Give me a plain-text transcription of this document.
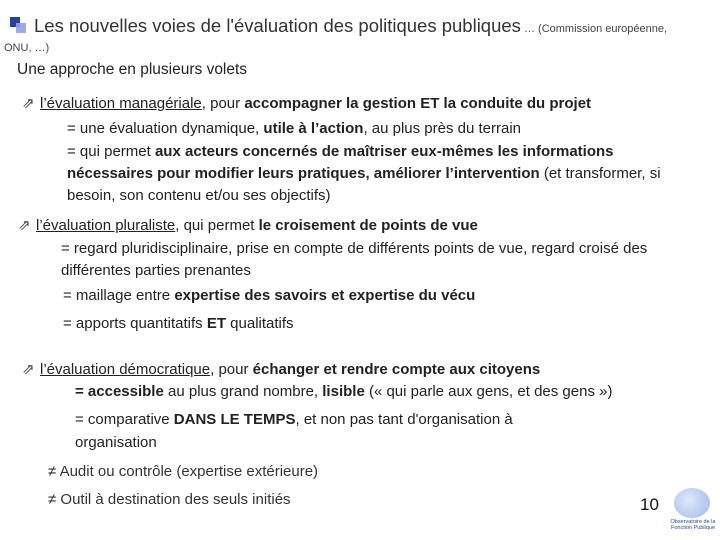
Les nouvelles voies de l'évaluation des politiques publiques … (Commission européenne,
ONU, …)
Une approche en plusieurs volets
⇗ l’évaluation managériale, pour accompagner la gestion ET la conduite du projet
= une évaluation dynamique, utile à l’action, au plus près du terrain
= qui permet aux acteurs concernés de maîtriser eux-mêmes les informations
nécessaires pour modifier leurs pratiques, améliorer l’intervention (et transformer, si
besoin, son contenu et/ou ses objectifs)
⇗ l’évaluation pluraliste, qui permet le croisement de points de vue
= regard pluridisciplinaire, prise en compte de différents points de vue, regard croisé des
différentes parties prenantes
= maillage entre expertise des savoirs et expertise du vécu
= apports quantitatifs ET qualitatifs
⇗ l’évaluation démocratique, pour échanger et rendre compte aux citoyens
= accessible au plus grand nombre, lisible (« qui parle aux gens, et des gens »)
= comparative DANS LE TEMPS, et non pas tant d'organisation à
organisation
≠ Audit ou contrôle (expertise extérieure)
≠ Outil à destination des seuls initiés	10
Observatoire de la Fonction Publique
